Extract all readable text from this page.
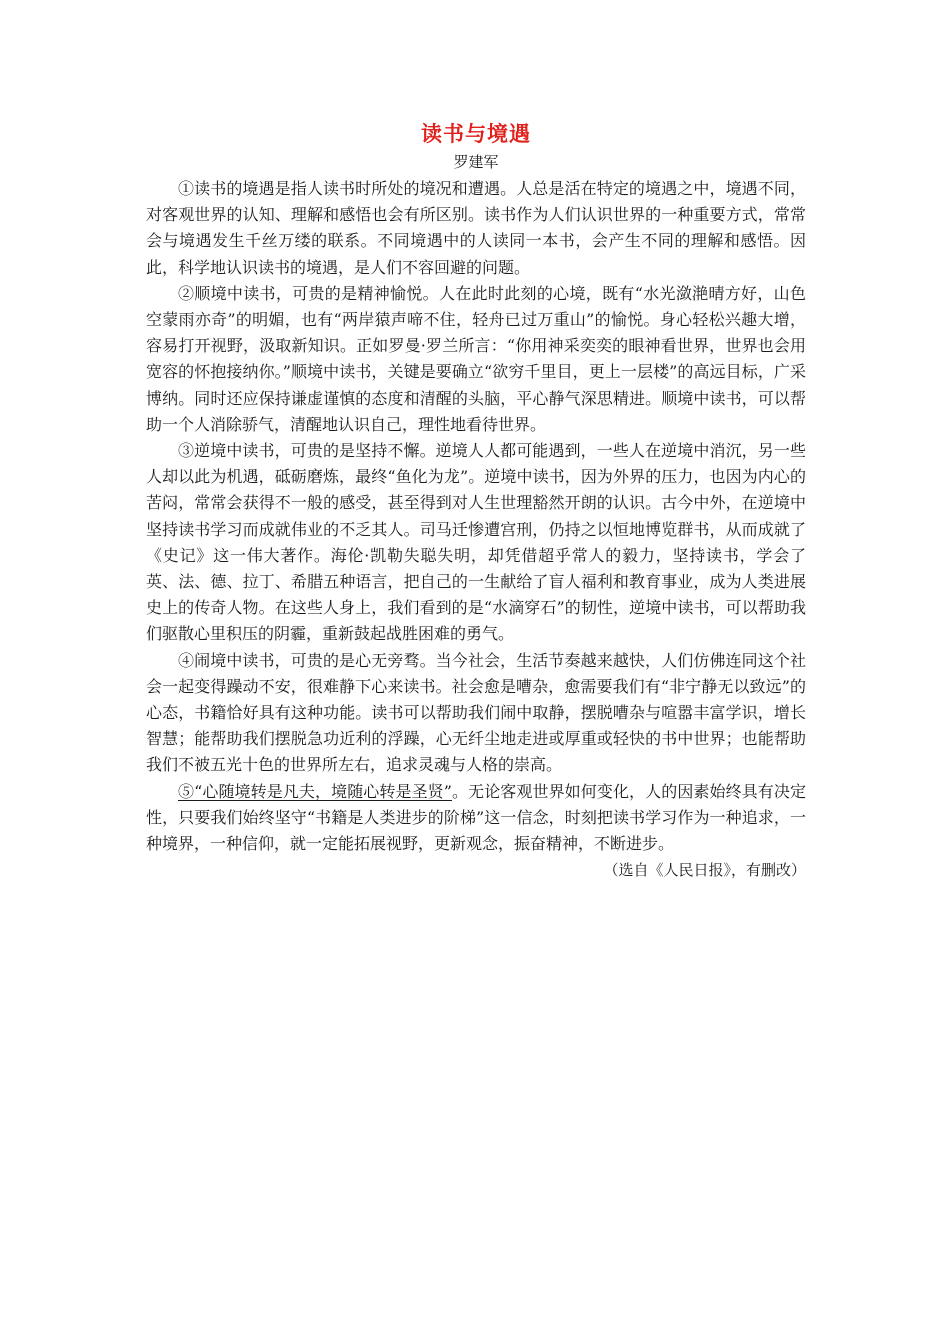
读书与境遇
罗建军

①读书的境遇是指人读书时所处的境况和遭遇。人总是活在特定的境遇之中，境遇不同，对客观世界的认知、理解和感悟也会有所区别。读书作为人们认识世界的一种重要方式，常常会与境遇发生千丝万缕的联系。不同境遇中的人读同一本书，会产生不同的理解和感悟。因此，科学地认识读书的境遇，是人们不容回避的问题。

②顺境中读书，可贵的是精神愉悦。人在此时此刻的心境，既有“水光潋滟晴方好，山色空蒙雨亦奇”的明媚，也有“两岸猿声啼不住，轻舟已过万重山”的愉悦。身心轻松兴趣大增，容易打开视野，汲取新知识。正如罗曼·罗兰所言：“你用神采奕奕的眼神看世界，世界也会用宽容的怀抱接纳你。”顺境中读书，关键是要确立“欲穷千里目，更上一层楼”的高远目标，广采博纳。同时还应保持谦虚谨慎的态度和清醒的头脑，平心静气深思精进。顺境中读书，可以帮助一个人消除骄气，清醒地认识自己，理性地看待世界。

③逆境中读书，可贵的是坚持不懈。逆境人人都可能遇到，一些人在逆境中消沉，另一些人却以此为机遇，砥砺磨炼，最终“鱼化为龙”。逆境中读书，因为外界的压力，也因为内心的苦闷，常常会获得不一般的感受，甚至得到对人生世理豁然开朗的认识。古今中外，在逆境中坚持读书学习而成就伟业的不乏其人。司马迁惨遭宫刑，仍持之以恒地博览群书，从而成就了《史记》这一伟大著作。海伦·凯勒失聪失明，却凭借超乎常人的毅力，坚持读书，学会了英、法、德、拉丁、希腊五种语言，把自己的一生献给了盲人福利和教育事业，成为人类进展史上的传奇人物。在这些人身上，我们看到的是“水滴穿石”的韧性，逆境中读书，可以帮助我们驱散心里积压的阴霾，重新鼓起战胜困难的勇气。

④闹境中读书，可贵的是心无旁骛。当今社会，生活节奏越来越快，人们仿佛连同这个社会一起变得躁动不安，很难静下心来读书。社会愈是嘈杂，愈需要我们有“非宁静无以致远”的心态，书籍恰好具有这种功能。读书可以帮助我们闹中取静，摆脱嘈杂与喧嚣丰富学识，增长智慧；能帮助我们摆脱急功近利的浮躁，心无纤尘地走进或厚重或轻快的书中世界；也能帮助我们不被五光十色的世界所左右，追求灵魂与人格的崇高。

⑤“心随境转是凡夫，境随心转是圣贤”。无论客观世界如何变化，人的因素始终具有决定性，只要我们始终坚守“书籍是人类进步的阶梯”这一信念，时刻把读书学习作为一种追求，一种境界，一种信仰，就一定能拓展视野，更新观念，振奋精神，不断进步。

（选自《人民日报》，有删改）
